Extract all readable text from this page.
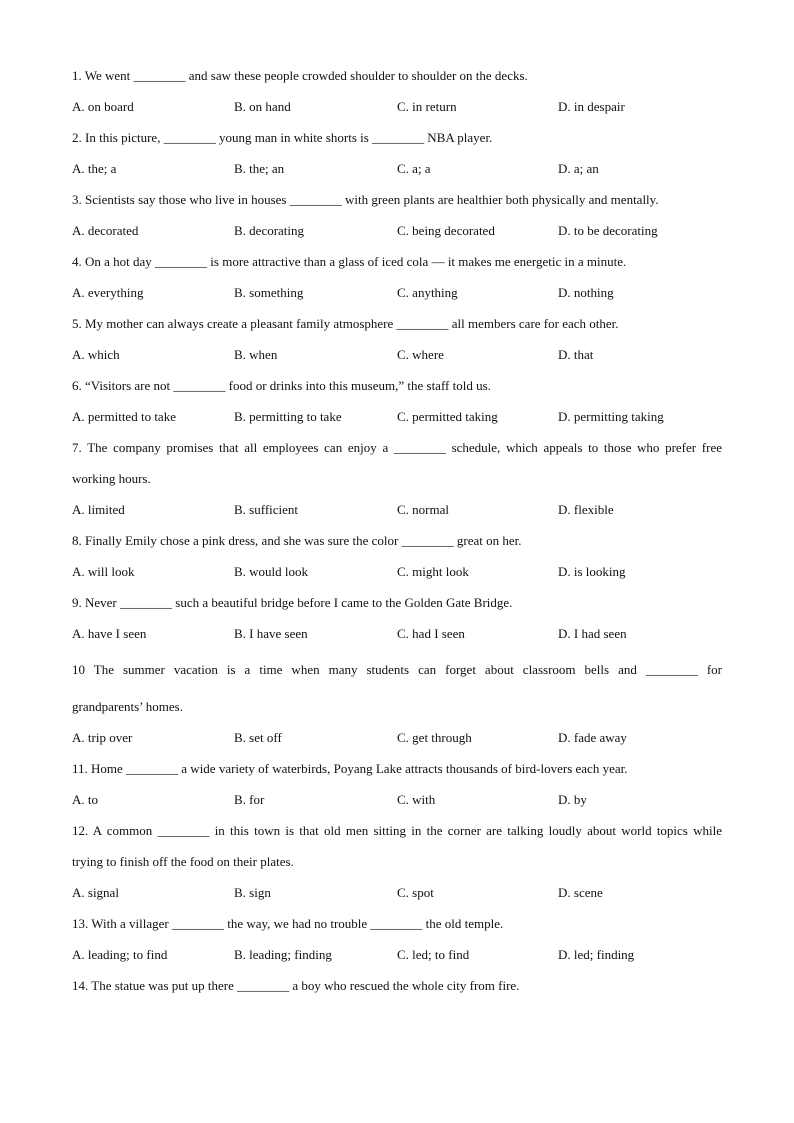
1. We went ________ and saw these people crowded shoulder to shoulder on the decks.
A. on board	B. on hand	C. in return	D. in despair
2. In this picture, ________ young man in white shorts is ________ NBA player.
A. the; a	B. the; an	C. a; a	D. a; an
3. Scientists say those who live in houses ________ with green plants are healthier both physically and mentally.
A. decorated	B. decorating	C. being decorated	D. to be decorating
4. On a hot day ________ is more attractive than a glass of iced cola — it makes me energetic in a minute.
A. everything	B. something	C. anything	D. nothing
5. My mother can always create a pleasant family atmosphere ________ all members care for each other.
A. which	B. when	C. where	D. that
6. “Visitors are not ________ food or drinks into this museum,” the staff told us.
A. permitted to take	B. permitting to take	C. permitted taking	D. permitting taking
7. The company promises that all employees can enjoy a ________ schedule, which appeals to those who prefer free
working hours.
A. limited	B. sufficient	C. normal	D. flexible
8. Finally Emily chose a pink dress, and she was sure the color ________ great on her.
A. will look	B. would look	C. might look	D. is looking
9. Never ________ such a beautiful bridge before I came to the Golden Gate Bridge.
A. have I seen	B. I have seen	C. had I seen	D. I had seen
10 The summer vacation is a time when many students can forget about classroom bells and ________ for
grandparents’ homes.
A. trip over	B. set off	C. get through	D. fade away
11. Home ________ a wide variety of waterbirds, Poyang Lake attracts thousands of bird-lovers each year.
A. to	B. for	C. with	D. by
12. A common ________ in this town is that old men sitting in the corner are talking loudly about world topics while
trying to finish off the food on their plates.
A. signal	B. sign	C. spot	D. scene
13. With a villager ________ the way, we had no trouble ________ the old temple.
A. leading; to find	B. leading; finding	C. led; to find	D. led; finding
14. The statue was put up there ________ a boy who rescued the whole city from fire.
